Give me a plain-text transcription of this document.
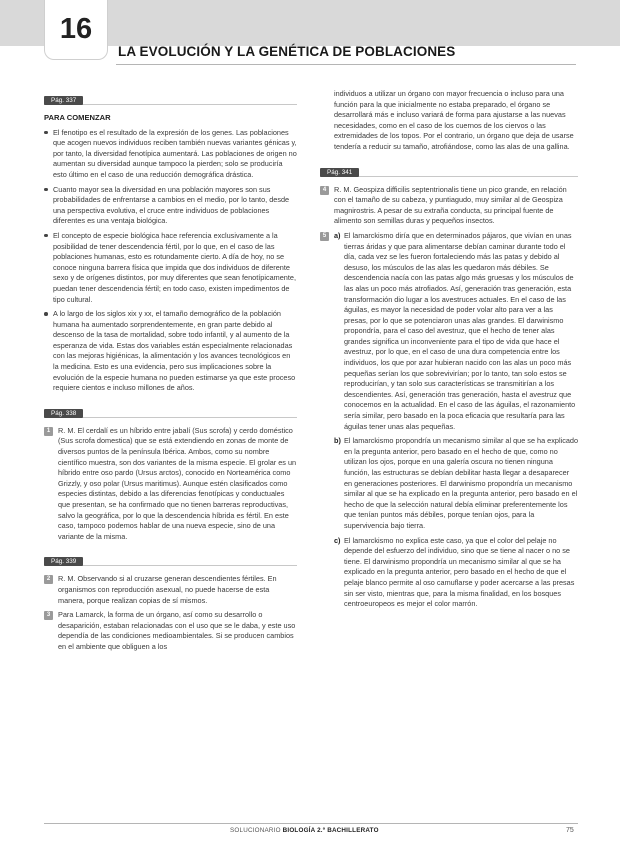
16
LA EVOLUCIÓN Y LA GENÉTICA DE POBLACIONES
Pág. 337
PARA COMENZAR
El fenotipo es el resultado de la expresión de los genes. Las poblaciones que acogen nuevos individuos reciben también nuevas variantes génicas y, por tanto, la diversidad fenotípica aumentará. Las poblaciones de origen no aumentan su diversidad aunque tampoco la pierden; solo se produciría esto último en el caso de una reducción demográfica drástica.
Cuanto mayor sea la diversidad en una población mayores son sus probabilidades de enfrentarse a cambios en el medio, por lo tanto, desde una perspectiva evolutiva, el cruce entre individuos de poblaciones diferentes es una ventaja biológica.
El concepto de especie biológica hace referencia exclusivamente a la posibilidad de tener descendencia fértil, por lo que, en el caso de las poblaciones humanas, esto es rotundamente cierto. A día de hoy, no se conoce ninguna barrera física que impida que dos individuos de diferente sexo y de orígenes distintos, por muy diferentes que sean fenotípicamente, puedan tener descendencia fértil; en todo caso, existen impedimentos de tipo cultural.
A lo largo de los siglos xix y xx, el tamaño demográfico de la población humana ha aumentado sorprendentemente, en gran parte debido al descenso de la tasa de mortalidad, sobre todo infantil, y al aumento de la esperanza de vida. Estas dos variables están especialmente relacionadas con las mejoras higiénicas, la alimentación y los avances tecnológicos en la medicina. Esto es una evidencia, pero sus implicaciones sobre la evolución de la especie humana no pueden estimarse ya que este proceso requiere cientos e incluso millones de años.
Pág. 338
1	R. M. El cerdalí es un híbrido entre jabalí (Sus scrofa) y cerdo doméstico (Sus scrofa domestica) que se está extendiendo en zonas de monte de diversos puntos de la península Ibérica. Ambos, como su nombre científico muestra, son dos variantes de la misma especie. El grolar es un híbrido entre oso pardo (Ursus arctos), conocido en Norteamérica como Grizzly, y oso polar (Ursus maritimus). Aunque estén clasificados como especies distintas, debido a las diferencias fenotípicas y conductuales que presentan, se ha confirmado que no tienen barreras reproductivas, salvo la geográfica, por lo que la descendencia híbrida es fértil. En este caso, tampoco podemos hablar de una nueva especie, sino de una variante de la misma.
Pág. 339
2	R. M. Observando si al cruzarse generan descendientes fértiles. En organismos con reproducción asexual, no puede hacerse de esta manera, porque realizan copias de sí mismos.
3	Para Lamarck, la forma de un órgano, así como su desarrollo o desaparición, estaban relacionadas con el uso que se le daba, y este uso dependía de las condiciones medioambientales. Si se producen cambios en el ambiente que obliguen a los
individuos a utilizar un órgano con mayor frecuencia o incluso para una función para la que inicialmente no estaba preparado, el órgano se desarrollará más e incluso variará de forma para ajustarse a las nuevas necesidades, como en el caso de los cuernos de los ciervos o las extremidades de los topos. Por el contrario, un órgano que deja de usarse tendería a reducir su tamaño, atrofiándose, como las alas de una gallina.
Pág. 341
4	R. M. Geospiza difficilis septentrionalis tiene un pico grande, en relación con el tamaño de su cabeza, y puntiagudo, muy similar al de Geospiza magnirostris. A pesar de su extraña conducta, su principal fuente de alimento son semillas duras y pequeños insectos.
5	a) El lamarckismo diría que en determinados pájaros, que vivían en unas tierras áridas y que para alimentarse debían caminar durante todo el día, cada vez se les fueron fortaleciendo más las patas y debido al desuso, los músculos de las alas les quedaron más débiles. Se descendencia nacía con las patas algo más gruesas y los músculos de las alas un poco más atrofiados. Así, generación tras generación, esta transformación dio lugar a los avestruces actuales. En el caso de las águilas, es mayor la necesidad de poder volar alto para ver a las presas, por lo que se potenciaron unas alas grandes. El darwinismo propondría, para el caso del avestruz, que el hecho de tener alas grandes significa un inconveniente para el tipo de vida que hace el avestruz, por lo que, en el caso de una dura competencia entre los individuos, los que por azar hubieran nacido con las alas un poco más pequeñas serían los que sobrevivirían; por lo tanto, tan solo estos se reproducirían, y tan solo sus características se transmitirían a los descendientes. Así, generación tras generación, hasta el avestruz que conocemos en la actualidad. En el caso de las águilas, el razonamiento sería similar, pero basado en la poca eficacia que resultaría para las águilas tener unas alas pequeñas.
b) El lamarckismo propondría un mecanismo similar al que se ha explicado en la pregunta anterior, pero basado en el hecho de que, como no utilizan los ojos, porque en una galería oscura no tienen ninguna función, las estructuras se debían debilitar hasta llegar a desaparecer en generaciones posteriores. El darwinismo propondría un mecanismo similar al que se ha explicado en la pregunta anterior, pero basado en el hecho de que la selección natural debía eliminar preferentemente los que tenían puntos más débiles, porque tenían ojos, para la supervivencia bajo tierra.
c) El lamarckismo no explica este caso, ya que el color del pelaje no depende del esfuerzo del individuo, sino que se tiene al nacer o no se tiene. El darwinismo propondría un mecanismo similar al que se ha explicado en la pregunta anterior, pero basado en el hecho de que el pelaje blanco permite al oso camuflarse y poder acercarse a las presas sin ser visto, mientras que, para la misma finalidad, en los bosques centroeuropeos es mejor el color marrón.
SOLUCIONARIO BIOLOGÍA 2.º BACHILLERATO	75
